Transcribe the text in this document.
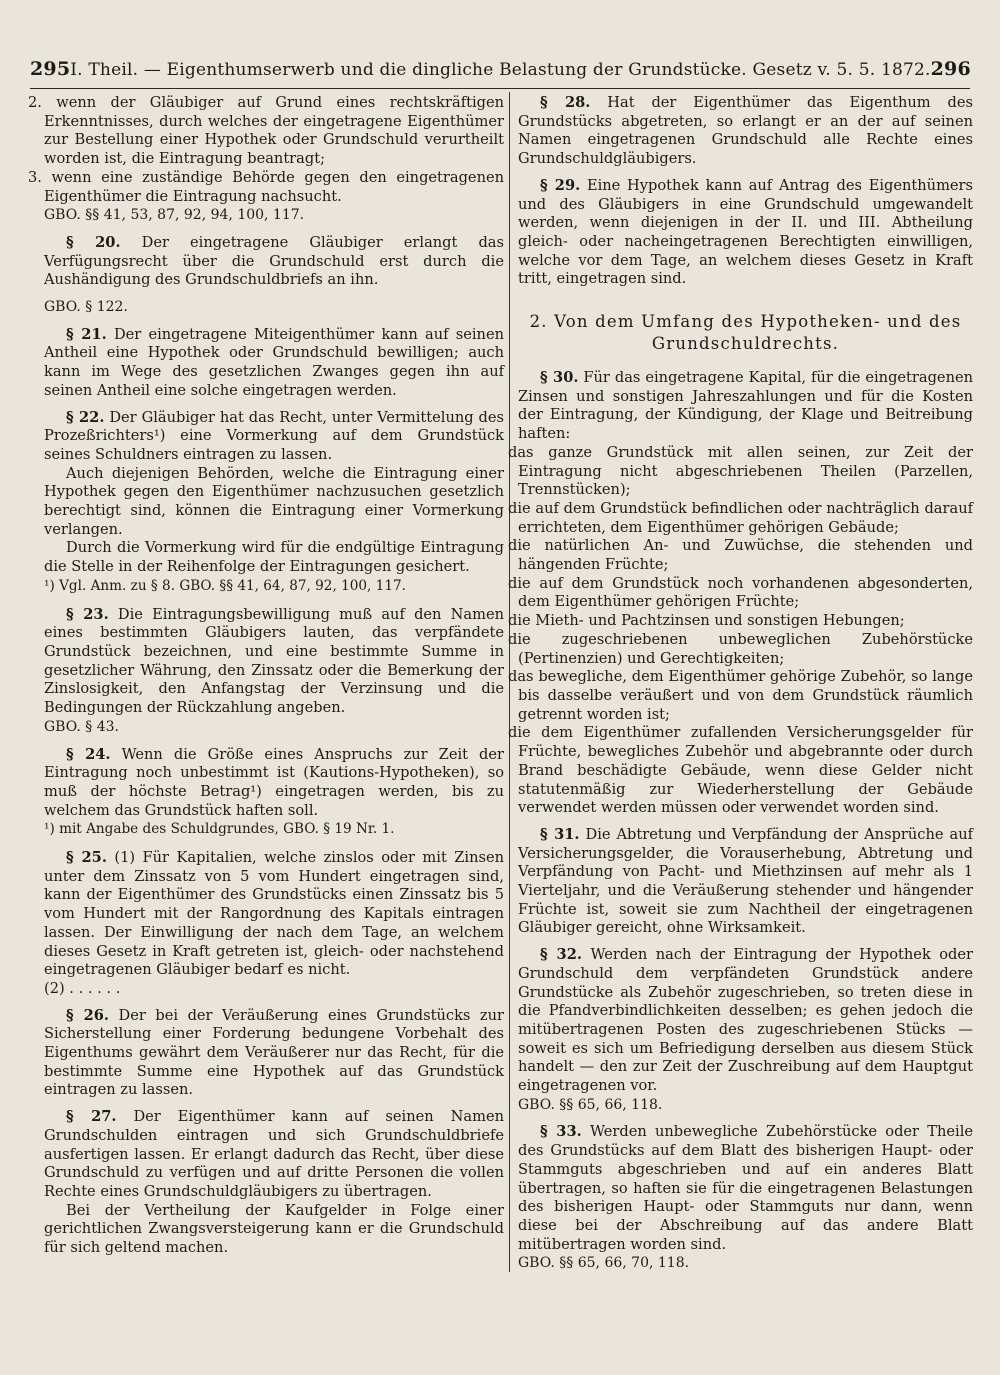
295 I. Theil. — Eigenthumserwerb und die dingliche Belastung der Grundstücke. Gesetz v. 5. 5. 1872. 296

2. wenn der Gläubiger auf Grund eines rechtskräftigen Erkenntnisses, durch welches der eingetragene Eigenthümer zur Bestellung einer Hypothek oder Grundschuld verurtheilt worden ist, die Eintragung beantragt;

3. wenn eine zuständige Behörde gegen den eingetragenen Eigenthümer die Eintragung nachsucht.

GBO. §§ 41, 53, 87, 92, 94, 100, 117.

§ 20. Der eingetragene Gläubiger erlangt das Verfügungsrecht über die Grundschuld erst durch die Aushändigung des Grundschuldbriefs an ihn.

GBO. § 122.

§ 21. Der eingetragene Miteigenthümer kann auf seinen Antheil eine Hypothek oder Grundschuld bewilligen; auch kann im Wege des gesetzlichen Zwanges gegen ihn auf seinen Antheil eine solche eingetragen werden.

§ 22. Der Gläubiger hat das Recht, unter Vermittelung des Prozeßrichters¹) eine Vormerkung auf dem Grundstück seines Schuldners eintragen zu lassen.

Auch diejenigen Behörden, welche die Eintragung einer Hypothek gegen den Eigenthümer nachzusuchen gesetzlich berechtigt sind, können die Eintragung einer Vormerkung verlangen.

Durch die Vormerkung wird für die endgültige Eintragung die Stelle in der Reihenfolge der Eintragungen gesichert.

¹) Vgl. Anm. zu § 8. GBO. §§ 41, 64, 87, 92, 100, 117.

§ 23. Die Eintragungsbewilligung muß auf den Namen eines bestimmten Gläubigers lauten, das verpfändete Grundstück bezeichnen, und eine bestimmte Summe in gesetzlicher Währung, den Zinssatz oder die Bemerkung der Zinslosigkeit, den Anfangstag der Verzinsung und die Bedingungen der Rückzahlung angeben.

GBO. § 43.

§ 24. Wenn die Größe eines Anspruchs zur Zeit der Eintragung noch unbestimmt ist (Kautions-Hypotheken), so muß der höchste Betrag¹) eingetragen werden, bis zu welchem das Grundstück haften soll.

¹) mit Angabe des Schuldgrundes, GBO. § 19 Nr. 1.

§ 25. (1) Für Kapitalien, welche zinslos oder mit Zinsen unter dem Zinssatz von 5 vom Hundert eingetragen sind, kann der Eigenthümer des Grundstücks einen Zinssatz bis 5 vom Hundert mit der Rangordnung des Kapitals eintragen lassen. Der Einwilligung der nach dem Tage, an welchem dieses Gesetz in Kraft getreten ist, gleich- oder nachstehend eingetragenen Gläubiger bedarf es nicht.

(2) . . . . . .

§ 26. Der bei der Veräußerung eines Grundstücks zur Sicherstellung einer Forderung bedungene Vorbehalt des Eigenthums gewährt dem Veräußerer nur das Recht, für die bestimmte Summe eine Hypothek auf das Grundstück eintragen zu lassen.

§ 27. Der Eigenthümer kann auf seinen Namen Grundschulden eintragen und sich Grundschuldbriefe ausfertigen lassen. Er erlangt dadurch das Recht, über diese Grundschuld zu verfügen und auf dritte Personen die vollen Rechte eines Grundschuldgläubigers zu übertragen.

Bei der Vertheilung der Kaufgelder in Folge einer gerichtlichen Zwangsversteigerung kann er die Grundschuld für sich geltend machen.

§ 28. Hat der Eigenthümer das Eigenthum des Grundstücks abgetreten, so erlangt er an der auf seinen Namen eingetragenen Grundschuld alle Rechte eines Grundschuldgläubigers.

§ 29. Eine Hypothek kann auf Antrag des Eigenthümers und des Gläubigers in eine Grundschuld umgewandelt werden, wenn diejenigen in der II. und III. Abtheilung gleich- oder nacheingetragenen Berechtigten einwilligen, welche vor dem Tage, an welchem dieses Gesetz in Kraft tritt, eingetragen sind.

2. Von dem Umfang des Hypotheken- und des Grundschuldrechts.

§ 30. Für das eingetragene Kapital, für die eingetragenen Zinsen und sonstigen Jahreszahlungen und für die Kosten der Eintragung, der Kündigung, der Klage und Beitreibung haften:

das ganze Grundstück mit allen seinen, zur Zeit der Eintragung nicht abgeschriebenen Theilen (Parzellen, Trennstücken);

die auf dem Grundstück befindlichen oder nachträglich darauf errichteten, dem Eigenthümer gehörigen Gebäude;

die natürlichen An- und Zuwüchse, die stehenden und hängenden Früchte;

die auf dem Grundstück noch vorhandenen abgesonderten, dem Eigenthümer gehörigen Früchte;

die Mieth- und Pachtzinsen und sonstigen Hebungen;

die zugeschriebenen unbeweglichen Zubehörstücke (Pertinenzien) und Gerechtigkeiten;

das bewegliche, dem Eigenthümer gehörige Zubehör, so lange bis dasselbe veräußert und von dem Grundstück räumlich getrennt worden ist;

die dem Eigenthümer zufallenden Versicherungsgelder für Früchte, bewegliches Zubehör und abgebrannte oder durch Brand beschädigte Gebäude, wenn diese Gelder nicht statutenmäßig zur Wiederherstellung der Gebäude verwendet werden müssen oder verwendet worden sind.

§ 31. Die Abtretung und Verpfändung der Ansprüche auf Versicherungsgelder, die Vorauserhebung, Abtretung und Verpfändung von Pacht- und Miethzinsen auf mehr als 1 Vierteljahr, und die Veräußerung stehender und hängender Früchte ist, soweit sie zum Nachtheil der eingetragenen Gläubiger gereicht, ohne Wirksamkeit.

§ 32. Werden nach der Eintragung der Hypothek oder Grundschuld dem verpfändeten Grundstück andere Grundstücke als Zubehör zugeschrieben, so treten diese in die Pfandverbindlichkeiten desselben; es gehen jedoch die mitübertragenen Posten des zugeschriebenen Stücks — soweit es sich um Befriedigung derselben aus diesem Stück handelt — den zur Zeit der Zuschreibung auf dem Hauptgut eingetragenen vor.

GBO. §§ 65, 66, 118.

§ 33. Werden unbewegliche Zubehörstücke oder Theile des Grundstücks auf dem Blatt des bisherigen Haupt- oder Stammguts abgeschrieben und auf ein anderes Blatt übertragen, so haften sie für die eingetragenen Belastungen des bisherigen Haupt- oder Stammguts nur dann, wenn diese bei der Abschreibung auf das andere Blatt mitübertragen worden sind.

GBO. §§ 65, 66, 70, 118.
